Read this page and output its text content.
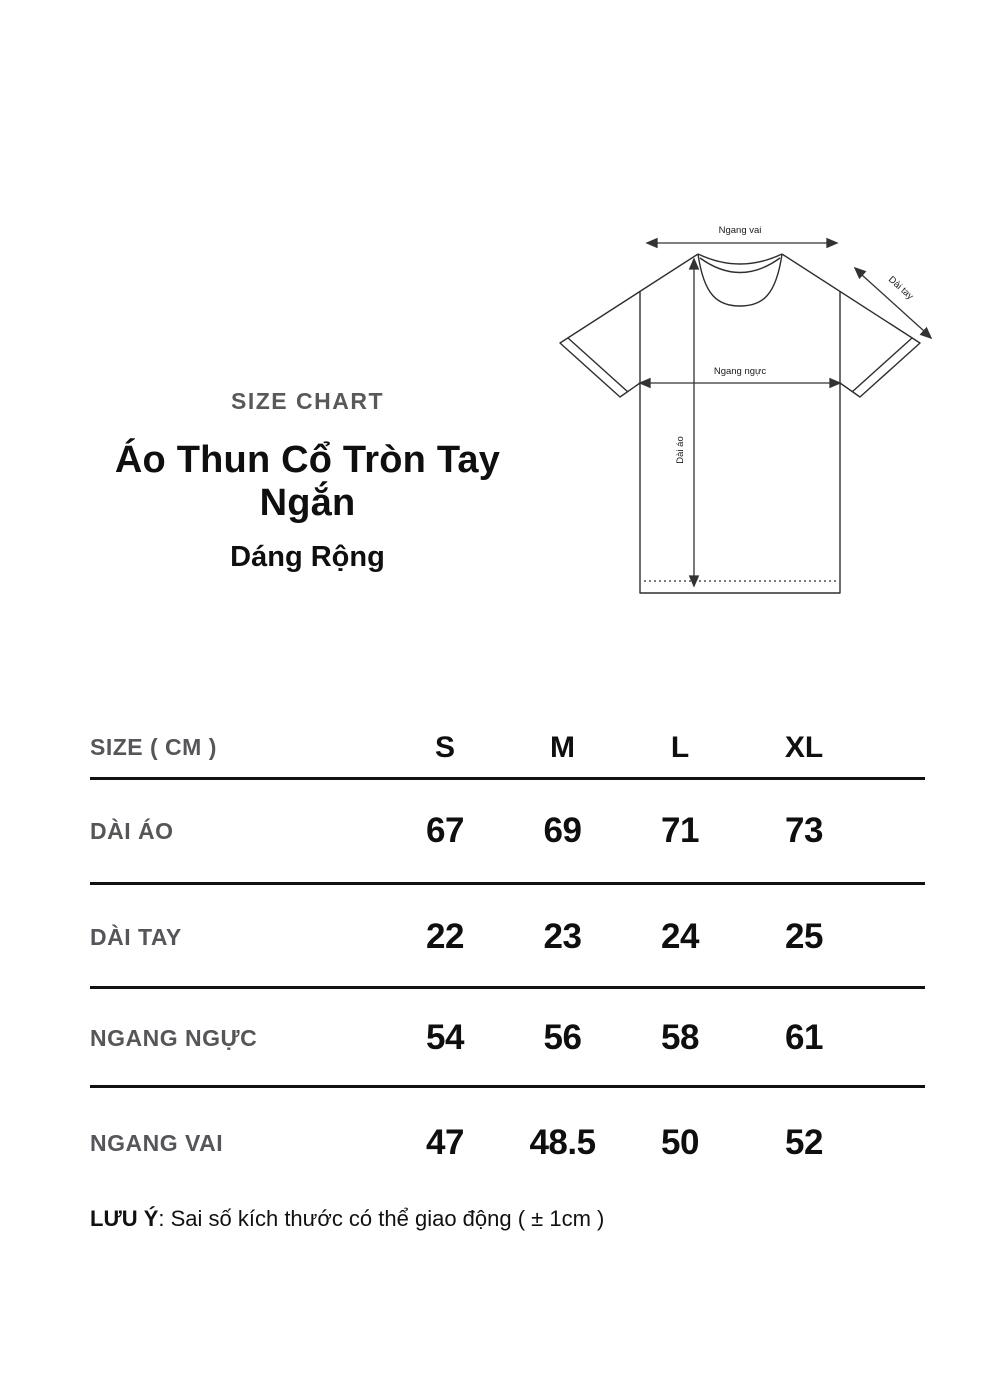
SIZE CHART
Áo Thun Cổ Tròn Tay Ngắn
Dáng Rộng
Ngang vai
Ngang ngực
Dài áo
Dài tay
SIZE ( CM )	S	M	L	XL
DÀI ÁO	67	69	71	73
DÀI TAY	22	23	24	25
NGANG NGỰC	54	56	58	61
NGANG VAI	47	48.5	50	52
LƯU Ý: Sai số kích thước có thể giao động ( ± 1cm )
